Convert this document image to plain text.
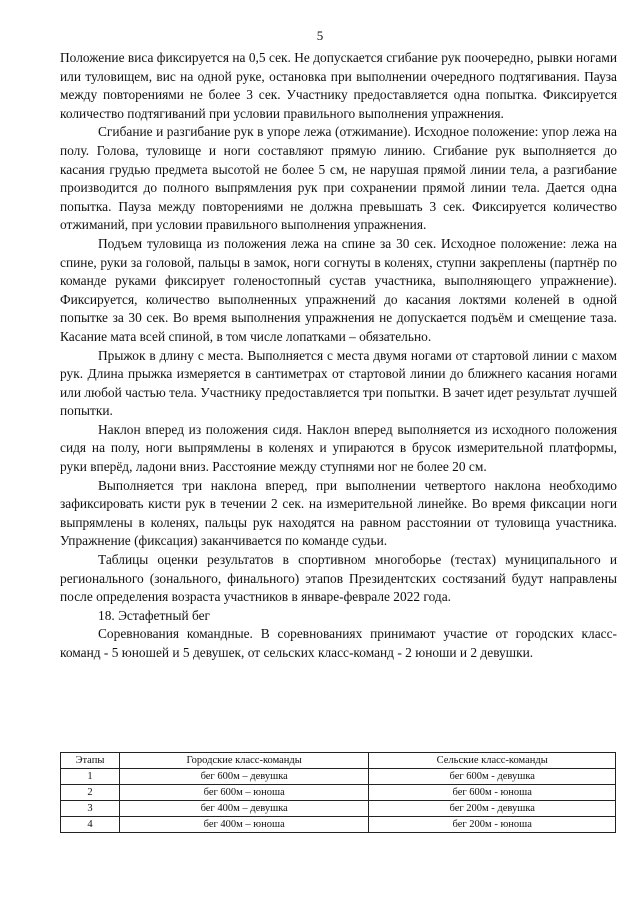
5

Положение виса фиксируется на 0,5 сек. Не допускается сгибание рук поочередно, рывки ногами или туловищем, вис на одной руке, остановка при выполнении очередного подтягивания. Пауза между повторениями не более 3 сек. Участнику предоставляется одна попытка. Фиксируется количество подтягиваний при условии правильного выполнения упражнения.

Сгибание и разгибание рук в упоре лежа (отжимание). Исходное положение: упор лежа на полу. Голова, туловище и ноги составляют прямую линию. Сгибание рук выполняется до касания грудью предмета высотой не более 5 см, не нарушая прямой линии тела, а разгибание производится до полного выпрямления рук при сохранении прямой линии тела. Дается одна попытка. Пауза между повторениями не должна превышать 3 сек. Фиксируется количество отжиманий, при условии правильного выполнения упражнения.

Подъем туловища из положения лежа на спине за 30 сек. Исходное положение: лежа на спине, руки за головой, пальцы в замок, ноги согнуты в коленях, ступни закреплены (партнёр по команде руками фиксирует голеностопный сустав участника, выполняющего упражнение). Фиксируется, количество выполненных упражнений до касания локтями коленей в одной попытке за 30 сек. Во время выполнения упражнения не допускается подъём и смещение таза. Касание мата всей спиной, в том числе лопатками – обязательно.

Прыжок в длину с места. Выполняется с места двумя ногами от стартовой линии с махом рук. Длина прыжка измеряется в сантиметрах от стартовой линии до ближнего касания ногами или любой частью тела. Участнику предоставляется три попытки. В зачет идет результат лучшей попытки.

Наклон вперед из положения сидя. Наклон вперед выполняется из исходного положения сидя на полу, ноги выпрямлены в коленях и упираются в брусок измерительной платформы, руки вперёд, ладони вниз. Расстояние между ступнями ног не более 20 см.

Выполняется три наклона вперед, при выполнении четвертого наклона необходимо зафиксировать кисти рук в течении 2 сек. на измерительной линейке. Во время фиксации ноги выпрямлены в коленях, пальцы рук находятся на равном расстоянии от туловища участника. Упражнение (фиксация) заканчивается по команде судьи.

Таблицы оценки результатов в спортивном многоборье (тестах) муниципального и регионального (зонального, финального) этапов Президентских состязаний будут направлены после определения возраста участников в январе-феврале 2022 года.

18. Эстафетный бег

Соревнования командные. В соревнованиях принимают участие от городских класс-команд - 5 юношей и 5 девушек, от сельских класс-команд - 2 юноши и 2 девушки.

Этапы	Городские класс-команды	Сельские класс-команды
1	бег 600м – девушка	бег 600м - девушка
2	бег 600м – юноша	бег 600м - юноша
3	бег 400м – девушка	бег 200м - девушка
4	бег 400м – юноша	бег 200м - юноша
